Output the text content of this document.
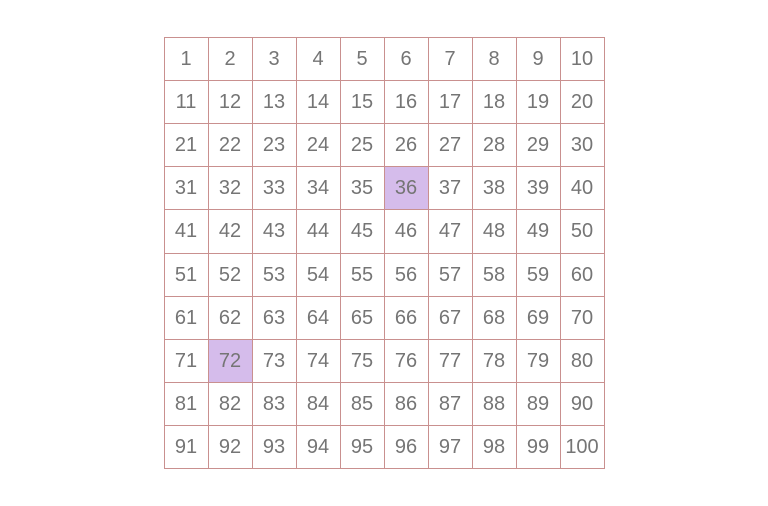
1	2	3	4	5	6	7	8	9	10
11	12	13	14	15	16	17	18	19	20
21	22	23	24	25	26	27	28	29	30
31	32	33	34	35	36	37	38	39	40
41	42	43	44	45	46	47	48	49	50
51	52	53	54	55	56	57	58	59	60
61	62	63	64	65	66	67	68	69	70
71	72	73	74	75	76	77	78	79	80
81	82	83	84	85	86	87	88	89	90
91	92	93	94	95	96	97	98	99 100
